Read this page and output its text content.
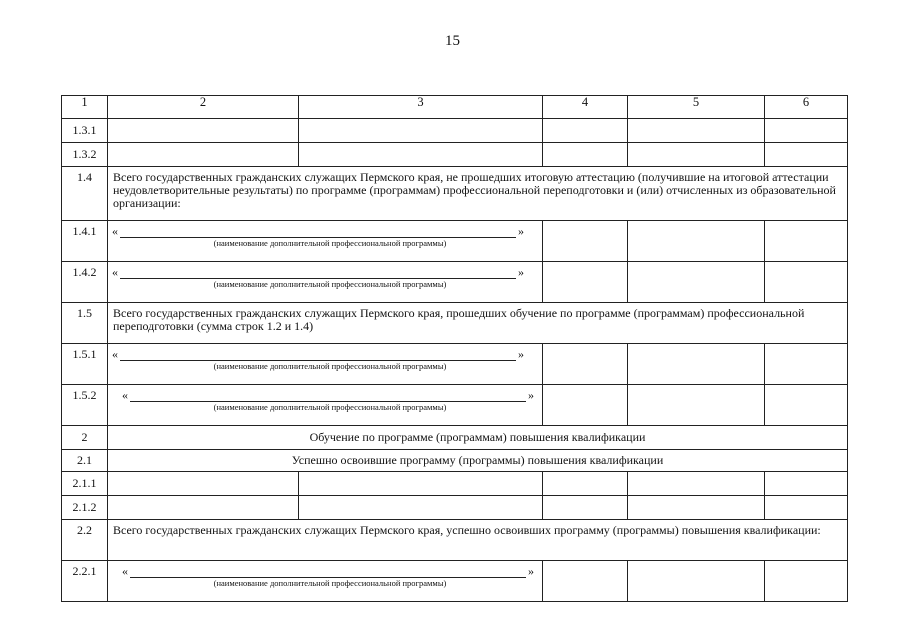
15
1	2	3	4	5	6
1.3.1					
1.3.2					
1.4	Всего государственных гражданских служащих Пермского края, не прошедших итоговую аттестацию (получившие на итоговой аттестации неудовлетворительные результаты) по программе (программам) профессиональной переподготовки и (или) отчисленных из образовательной организации:				
1.4.1	« »
(наименование дополнительной профессиональной программы)				

1.4.2	« »
(наименование дополнительной профессиональной программы)				

1.5	Всего государственных гражданских служащих Пермского края, прошедших обучение по программе (программам) профессиональной переподготовки (сумма строк 1.2 и 1.4)				
1.5.1	« »
(наименование дополнительной профессиональной программы)				

1.5.2	« »
(наименование дополнительной профессиональной программы)				

2	Обучение по программе (программам) повышения квалификации				
2.1	Успешно освоившие программу (программы) повышения квалификации				
2.1.1					
2.1.2					
2.2	Всего государственных гражданских служащих Пермского края, успешно освоивших программу (программы) повышения квалификации:				
2.2.1	« »
(наименование дополнительной профессиональной программы)				
